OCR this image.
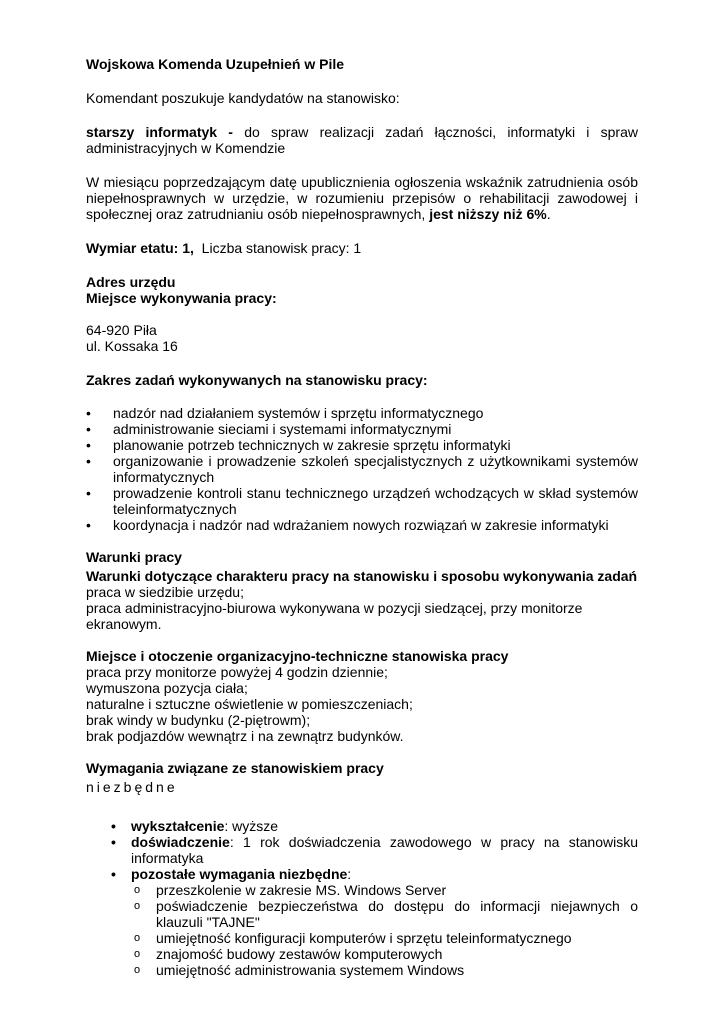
Wojskowa Komenda Uzupełnień w Pile

Komendant poszukuje kandydatów na stanowisko:

starszy informatyk - do spraw realizacji zadań łączności, informatyki i spraw administracyjnych w Komendzie

W miesiącu poprzedzającym datę upublicznienia ogłoszenia wskaźnik zatrudnienia osób niepełnosprawnych w urzędzie, w rozumieniu przepisów o rehabilitacji zawodowej i społecznej oraz zatrudnianiu osób niepełnosprawnych, jest niższy niż 6%.

Wymiar etatu: 1, Liczba stanowisk pracy: 1

Adres urzędu

Miejsce wykonywania pracy:

64-920 Piła

ul. Kossaka 16

Zakres zadań wykonywanych na stanowisku pracy:

• nadzór nad działaniem systemów i sprzętu informatycznego
• administrowanie sieciami i systemami informatycznymi
• planowanie potrzeb technicznych w zakresie sprzętu informatyki
• organizowanie i prowadzenie szkoleń specjalistycznych z użytkownikami systemów informatycznych
• prowadzenie kontroli stanu technicznego urządzeń wchodzących w skład systemów teleinformatycznych
• koordynacja i nadzór nad wdrażaniem nowych rozwiązań w zakresie informatyki

Warunki pracy

Warunki dotyczące charakteru pracy na stanowisku i sposobu wykonywania zadań

praca w siedzibie urzędu;

praca administracyjno-biurowa wykonywana w pozycji siedzącej, przy monitorze ekranowym.

Miejsce i otoczenie organizacyjno-techniczne stanowiska pracy

praca przy monitorze powyżej 4 godzin dziennie;

wymuszona pozycja ciała;

naturalne i sztuczne oświetlenie w pomieszczeniach;

brak windy w budynku (2-piętrowm);

brak podjazdów wewnątrz i na zewnątrz budynków.

Wymagania związane ze stanowiskiem pracy

niezbędne

• wykształcenie: wyższe
• doświadczenie: 1 rok doświadczenia zawodowego w pracy na stanowisku informatyka
• pozostałe wymagania niezbędne:
o przeszkolenie w zakresie MS. Windows Server
o poświadczenie bezpieczeństwa do dostępu do informacji niejawnych o klauzuli "TAJNE"
o umiejętność konfiguracji komputerów i sprzętu teleinformatycznego
o znajomość budowy zestawów komputerowych
o umiejętność administrowania systemem Windows
